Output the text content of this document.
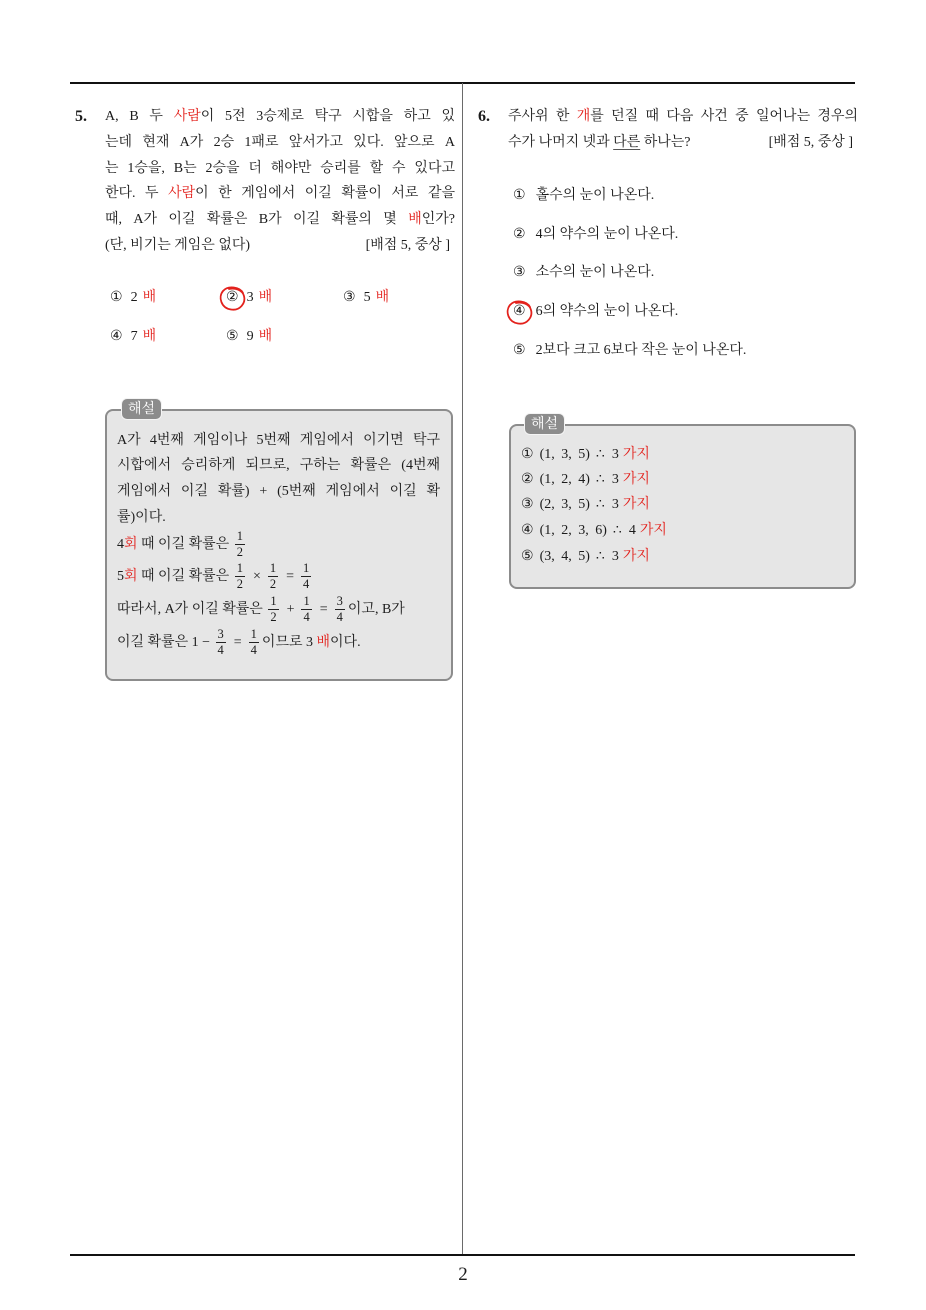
5.	A, B 두 사람이 5전 3승제로 탁구 시합을 하고 있
는데 현재 A가 2승 1패로 앞서가고 있다. 앞으로 A
는 1승을, B는 2승을 더 해야만 승리를 할 수 있다고
한다. 두 사람이 한 게임에서 이길 확률이 서로 같을
때, A가 이길 확률은 B가 이길 확률의 몇 배인가?
(단, 비기는 게임은 없다)	[배점 5, 중상 ]
① 2 배	② 3 배	③ 5 배
④ 7 배	⑤ 9 배
해설
A가 4번째 게임이나 5번째 게임에서 이기면 탁구
시합에서 승리하게 되므로, 구하는 확률은 (4번째
게임에서 이길 확률) + (5번째 게임에서 이길 확
률)이다.
4회 때 이길 확률은 $\frac{1}{2}$
5회 때 이길 확률은 $\frac{1}{2} \times \frac{1}{2} = \frac{1}{4}$
따라서, A가 이길 확률은 $\frac{1}{2} + \frac{1}{4} = \frac{3}{4}$ 이고, B가
이길 확률은 $1 - \frac{3}{4} = \frac{1}{4}$ 이므로 3 배이다.
6.	주사위 한 개를 던질 때 다음 사건 중 일어나는 경우의
수가 나머지 넷과 다른 하나는?	[배점 5, 중상 ]
① 홀수의 눈이 나온다.
② 4의 약수의 눈이 나온다.
③ 소수의 눈이 나온다.
④ 6의 약수의 눈이 나온다.
⑤ 2보다 크고 6보다 작은 눈이 나온다.
해설
① (1, 3, 5) ∴ 3 가지
② (1, 2, 4) ∴ 3 가지
③ (2, 3, 5) ∴ 3 가지
④ (1, 2, 3, 6) ∴ 4 가지
⑤ (3, 4, 5) ∴ 3 가지
2
